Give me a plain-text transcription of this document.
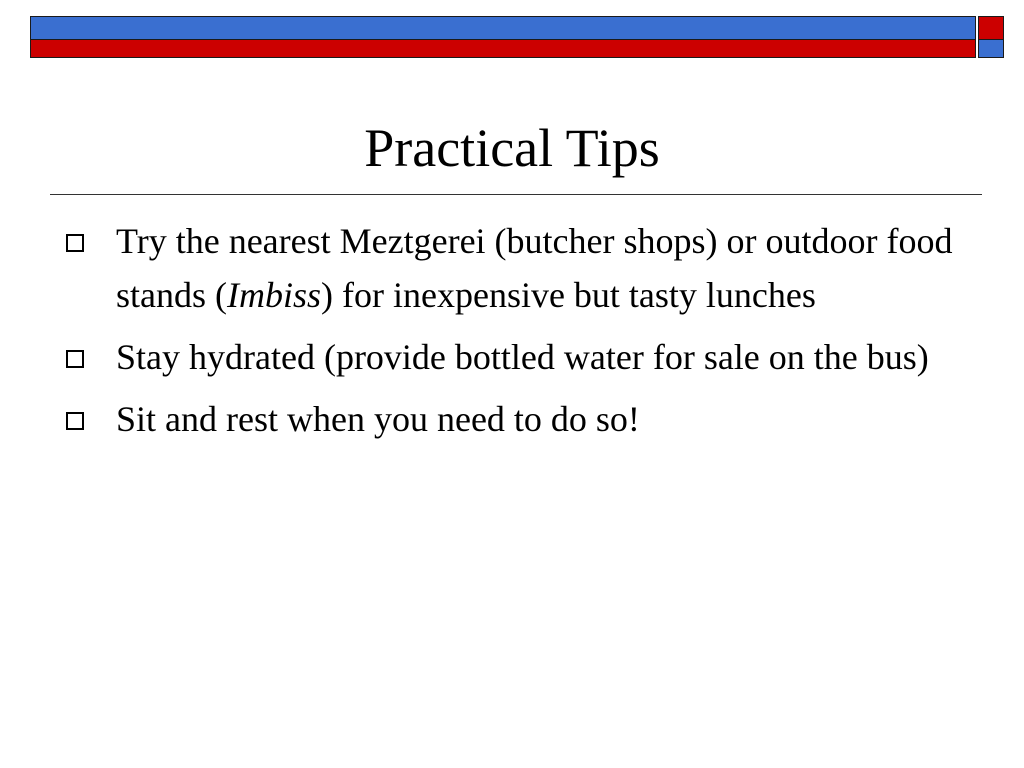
Practical Tips
Try the nearest Meztgerei (butcher shops) or outdoor food stands (Imbiss) for inexpensive but tasty lunches
Stay hydrated (provide bottled water for sale on the bus)
Sit and rest when you need to do so!
